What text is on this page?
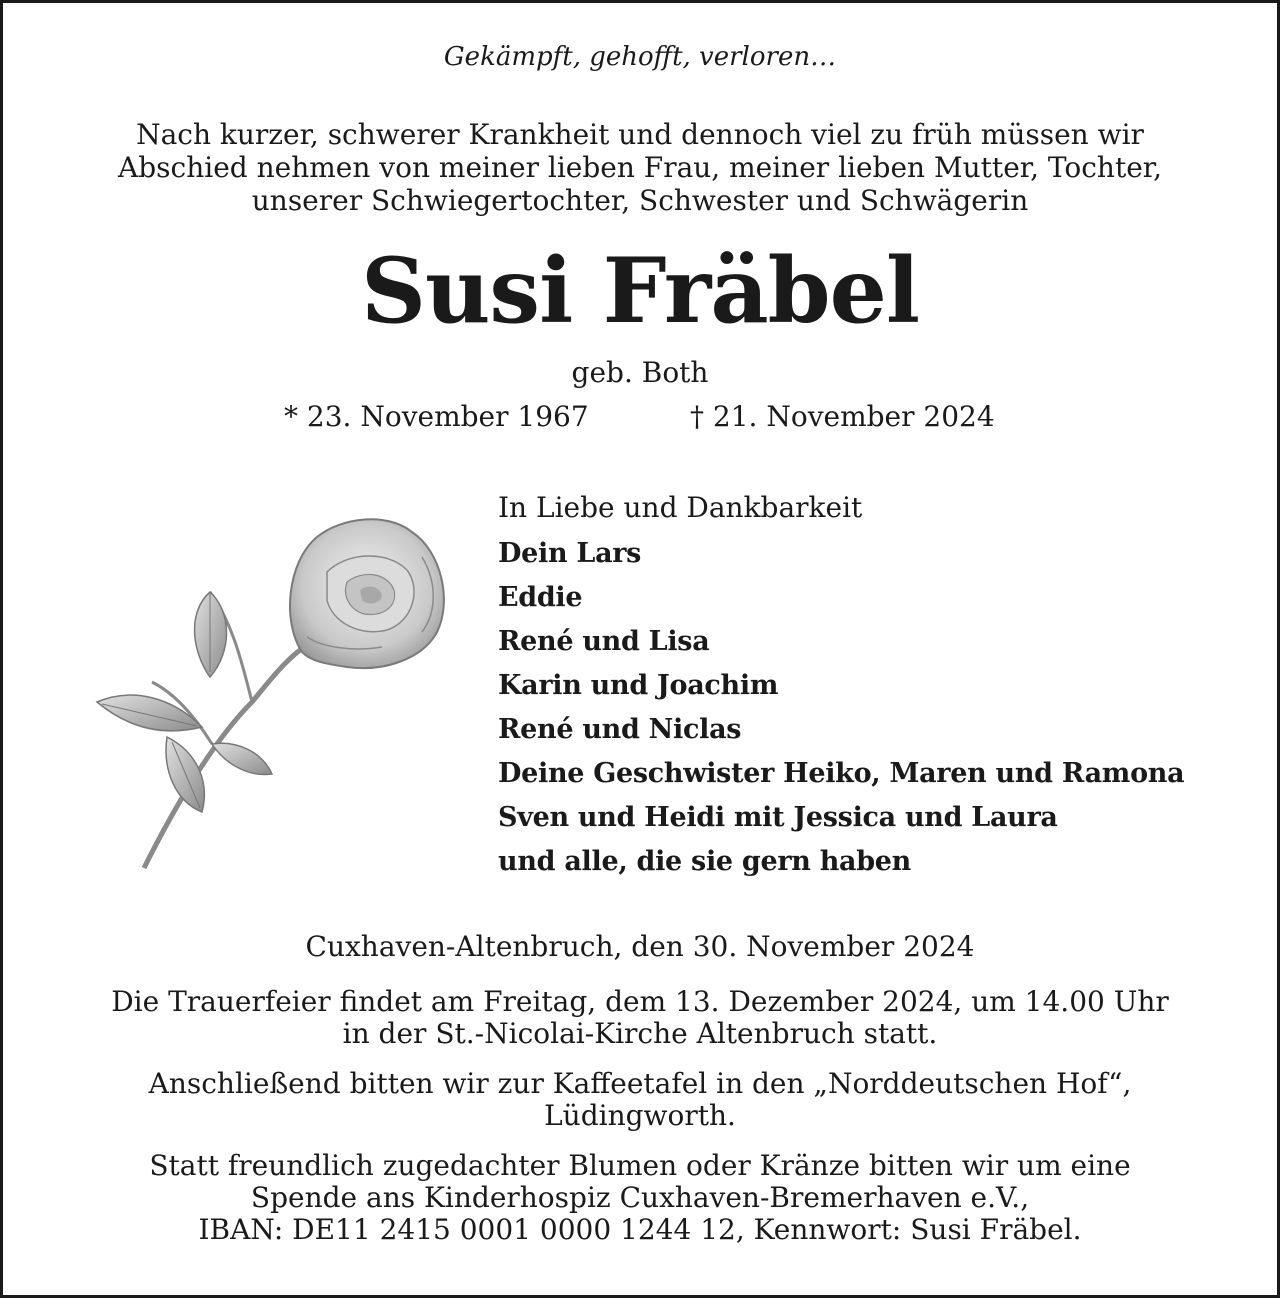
Gekämpft, gehofft, verloren…
Nach kurzer, schwerer Krankheit und dennoch viel zu früh müssen wir
Abschied nehmen von meiner lieben Frau, meiner lieben Mutter, Tochter,
unserer Schwiegertochter, Schwester und Schwägerin
Susi Fräbel
geb. Both
* 23. November 1967	† 21. November 2024
In Liebe und Dankbarkeit
Dein Lars
Eddie
René und Lisa
Karin und Joachim
René und Niclas
Deine Geschwister Heiko, Maren und Ramona
Sven und Heidi mit Jessica und Laura
und alle, die sie gern haben
Cuxhaven-Altenbruch, den 30. November 2024
Die Trauerfeier findet am Freitag, dem 13. Dezember 2024, um 14.00 Uhr
in der St.-Nicolai-Kirche Altenbruch statt.
Anschließend bitten wir zur Kaffeetafel in den „Norddeutschen Hof“,
Lüdingworth.
Statt freundlich zugedachter Blumen oder Kränze bitten wir um eine
Spende ans Kinderhospiz Cuxhaven-Bremerhaven e.V.,
IBAN: DE11 2415 0001 0000 1244 12, Kennwort: Susi Fräbel.
